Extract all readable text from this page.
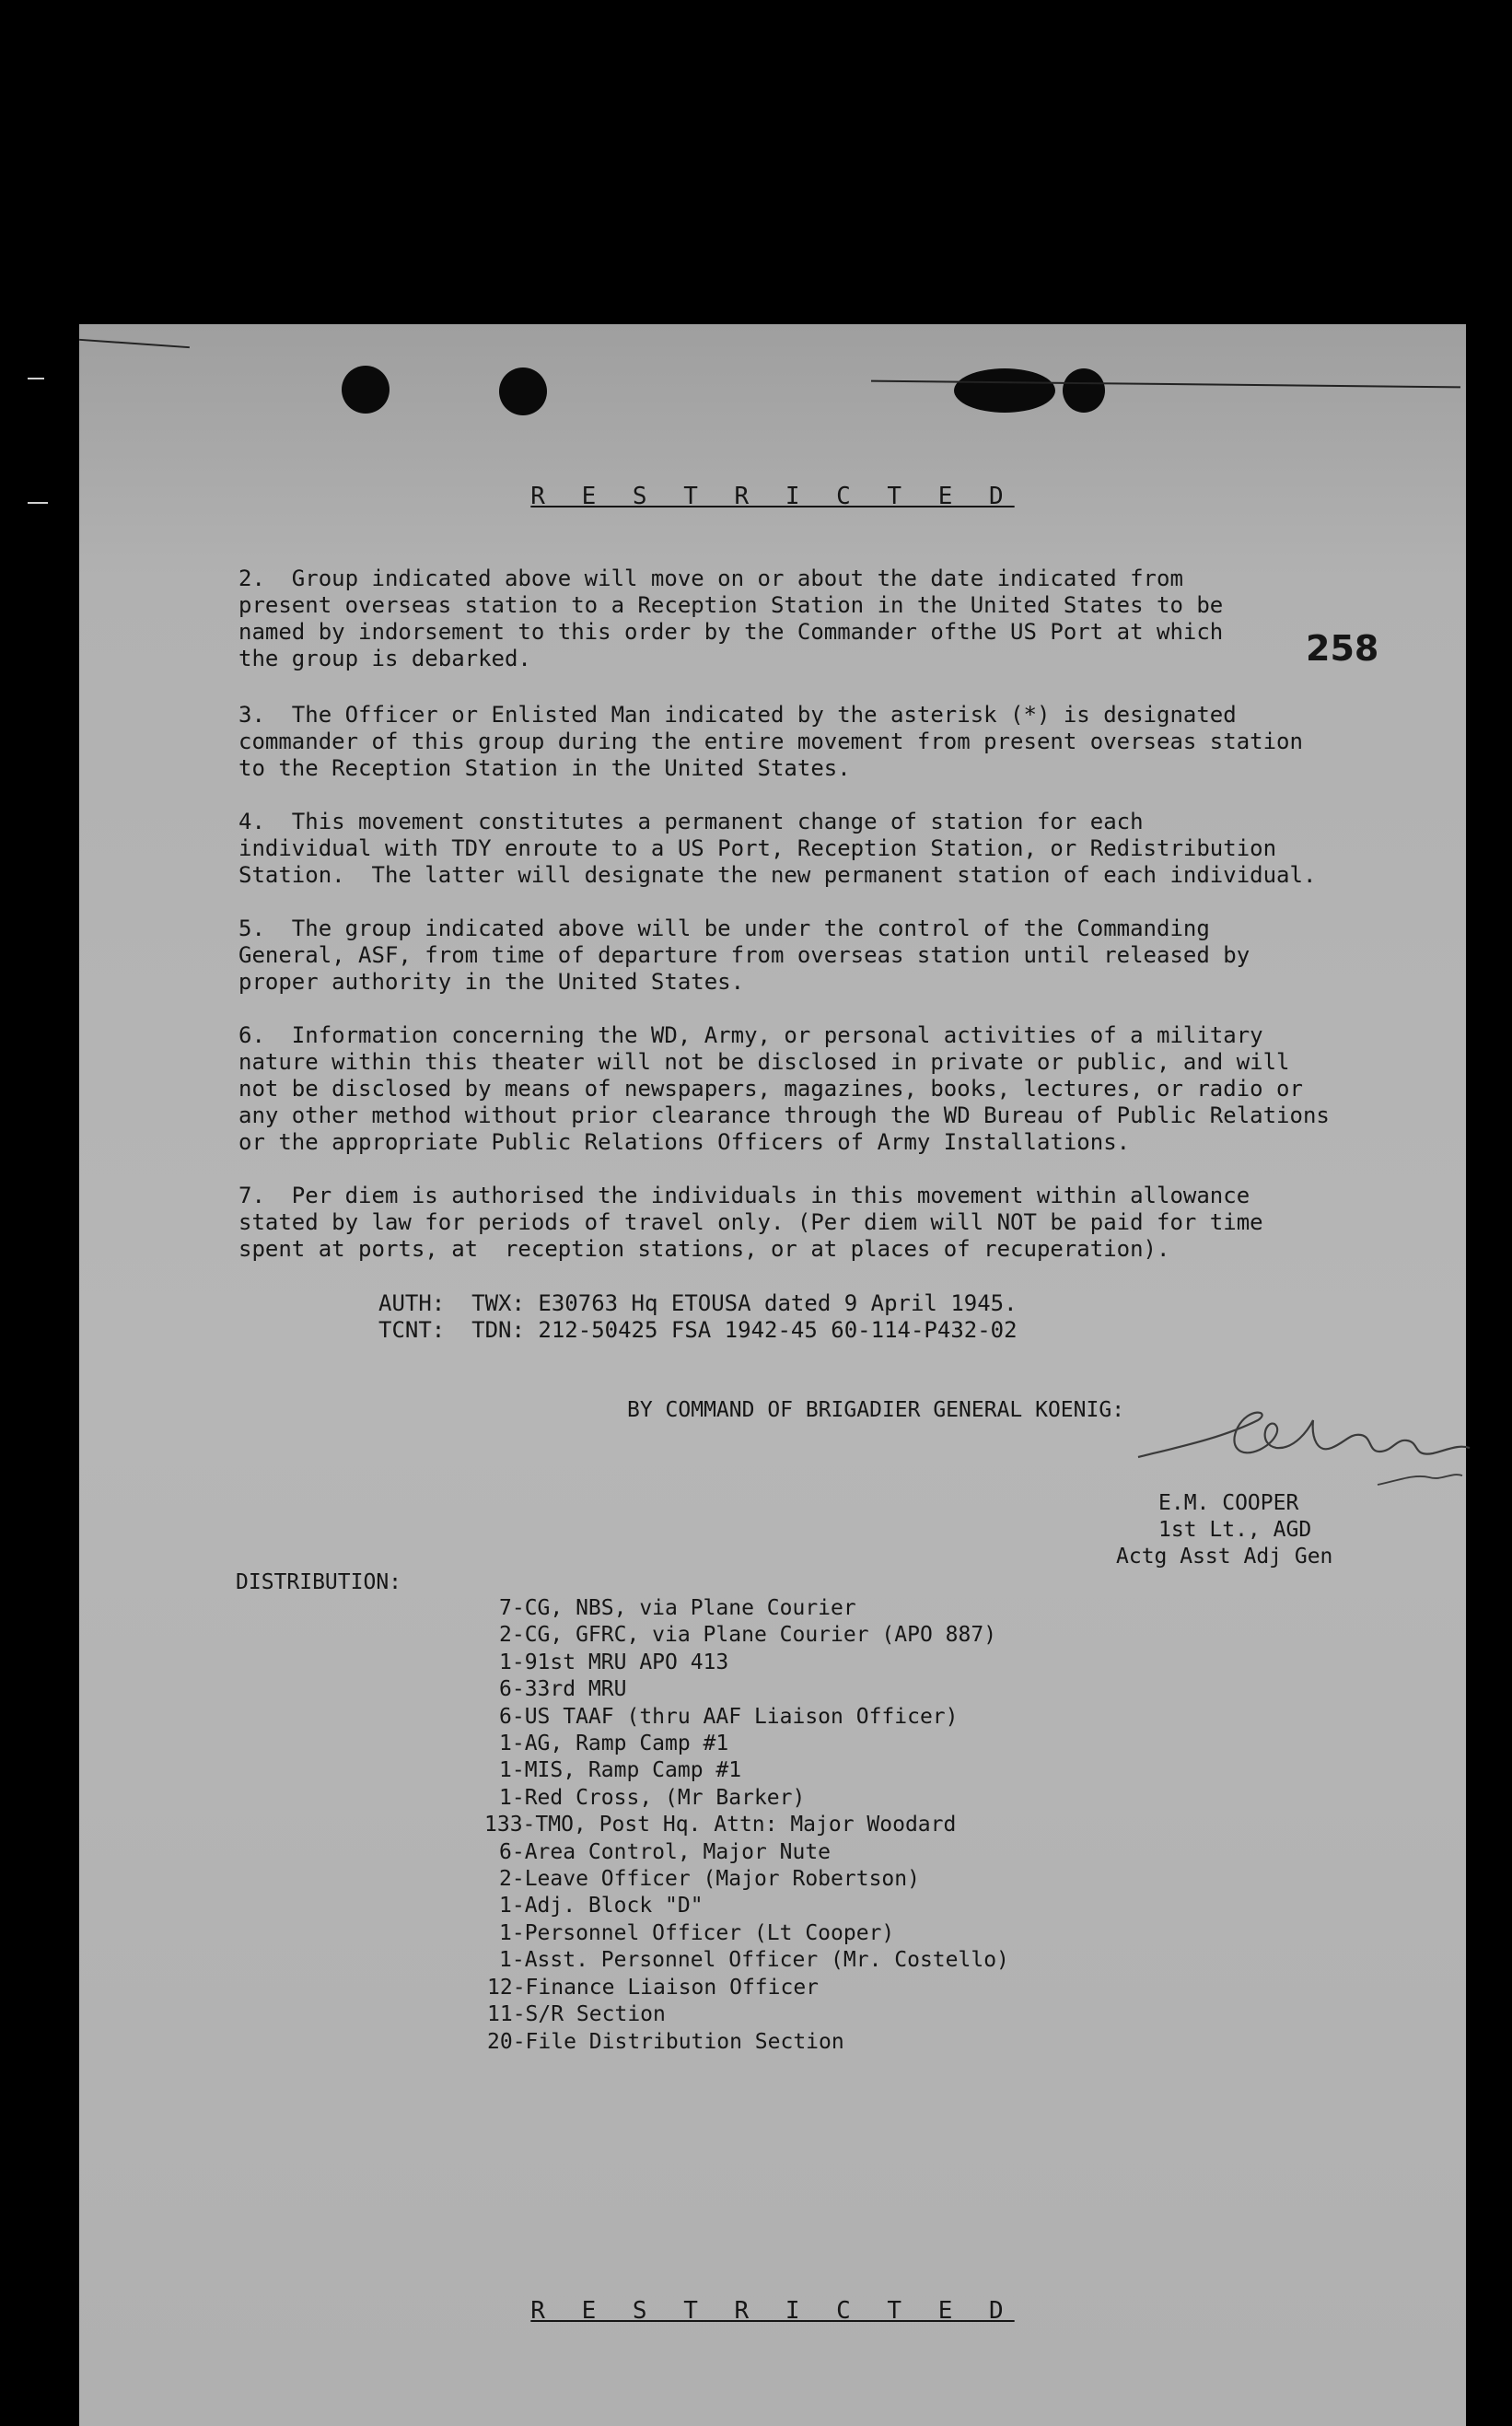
R E S T R I C T E D
2.  Group indicated above will move on or about the date indicated from
present overseas station to a Reception Station in the United States to be
named by indorsement to this order by the Commander ofthe US Port at which
the group is debarked.	258
3.  The Officer or Enlisted Man indicated by the asterisk (*) is designated
commander of this group during the entire movement from present overseas station
to the Reception Station in the United States.
4.  This movement constitutes a permanent change of station for each
individual with TDY enroute to a US Port, Reception Station, or Redistribution
Station.  The latter will designate the new permanent station of each individual.
5.  The group indicated above will be under the control of the Commanding
General, ASF, from time of departure from overseas station until released by
proper authority in the United States.
6.  Information concerning the WD, Army, or personal activities of a military
nature within this theater will not be disclosed in private or public, and will
not be disclosed by means of newspapers, magazines, books, lectures, or radio or
any other method without prior clearance through the WD Bureau of Public Relations
or the appropriate Public Relations Officers of Army Installations.
7.  Per diem is authorised the individuals in this movement within allowance
stated by law for periods of travel only. (Per diem will NOT be paid for time
spent at ports, at  reception stations, or at places of recuperation).
AUTH:  TWX: E30763 Hq ETOUSA dated 9 April 1945.
TCNT:  TDN: 212-50425 FSA 1942-45 60-114-P432-02
BY COMMAND OF BRIGADIER GENERAL KOENIG:
E.M. COOPER
1st Lt., AGD
Actg Asst Adj Gen
DISTRIBUTION:
7-CG, NBS, via Plane Courier
2-CG, GFRC, via Plane Courier (APO 887)
1-91st MRU APO 413
6-33rd MRU
6-US TAAF (thru AAF Liaison Officer)
1-AG, Ramp Camp #1
1-MIS, Ramp Camp #1
1-Red Cross, (Mr Barker)
133-TMO, Post Hq. Attn: Major Woodard
6-Area Control, Major Nute
2-Leave Officer (Major Robertson)
1-Adj. Block "D"
1-Personnel Officer (Lt Cooper)
1-Asst. Personnel Officer (Mr. Costello)
12-Finance Liaison Officer
11-S/R Section
20-File Distribution Section
R E S T R I C T E D
